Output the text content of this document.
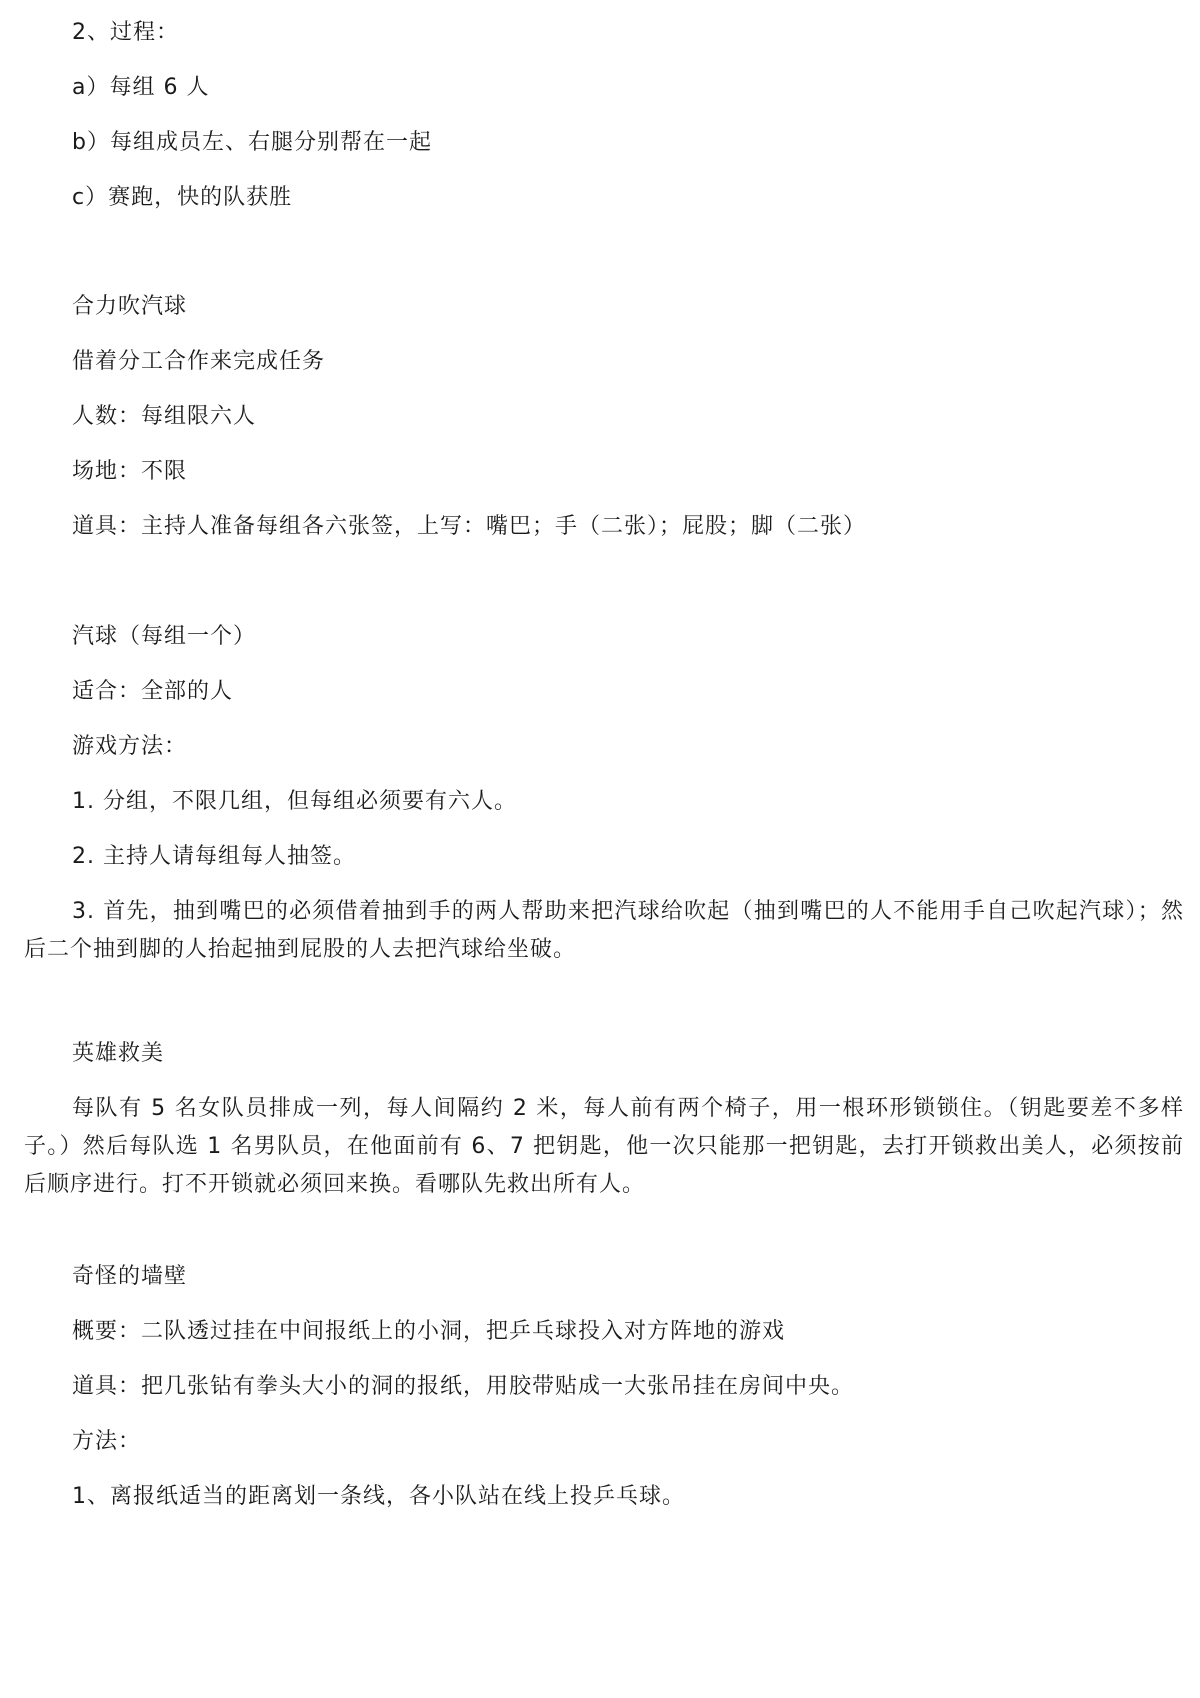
2、过程：

a）每组 6 人

b）每组成员左、右腿分别帮在一起

c）赛跑，快的队获胜

合力吹汽球

借着分工合作来完成任务

人数：每组限六人

场地：不限

道具：主持人准备每组各六张签，上写：嘴巴；手（二张）；屁股；脚（二张）

汽球（每组一个）

适合：全部的人

游戏方法：

1. 分组，不限几组，但每组必须要有六人。

2. 主持人请每组每人抽签。

3. 首先，抽到嘴巴的必须借着抽到手的两人帮助来把汽球给吹起（抽到嘴巴的人不能用手自己吹起汽球）；然后二个抽到脚的人抬起抽到屁股的人去把汽球给坐破。

英雄救美

每队有 5 名女队员排成一列，每人间隔约 2 米，每人前有两个椅子，用一根环形锁锁住。（钥匙要差不多样子。）然后每队选 1 名男队员，在他面前有 6、7 把钥匙，他一次只能那一把钥匙，去打开锁救出美人，必须按前后顺序进行。打不开锁就必须回来换。看哪队先救出所有人。

奇怪的墙壁

概要：二队透过挂在中间报纸上的小洞，把乒乓球投入对方阵地的游戏

道具：把几张钻有拳头大小的洞的报纸，用胶带贴成一大张吊挂在房间中央。

方法：

1、离报纸适当的距离划一条线，各小队站在线上投乒乓球。
